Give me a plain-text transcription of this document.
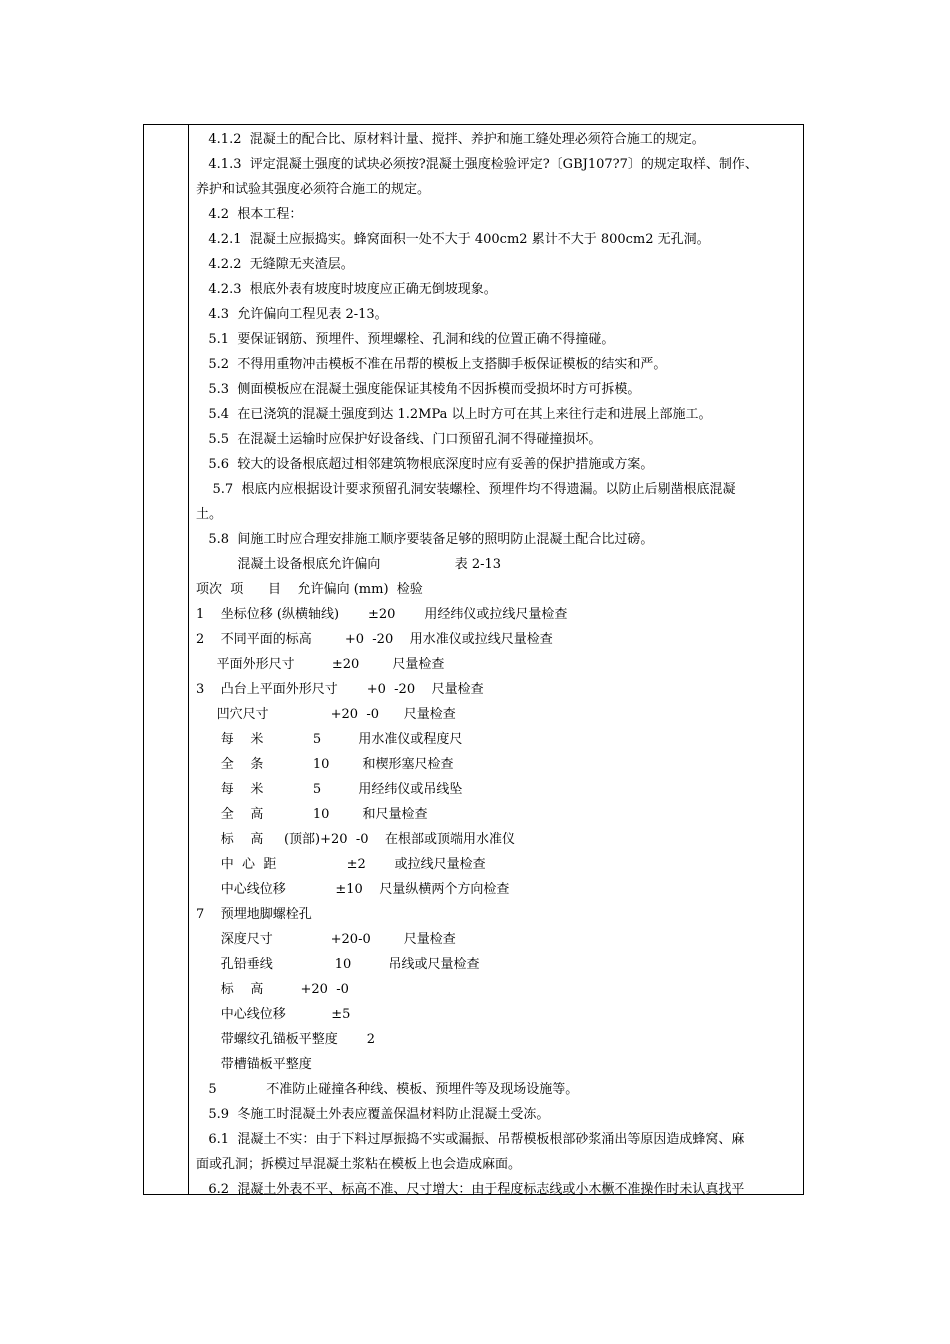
4.1.2  混凝土的配合比、原材料计量、搅拌、养护和施工缝处理必须符合施工的规定。
4.1.3  评定混凝土强度的试块必须按?混凝土强度检验评定?〔GBJ107?7〕的规定取样、制作、
养护和试验其强度必须符合施工的规定。
4.2  根本工程：
4.2.1  混凝土应振捣实。蜂窝面积一处不大于 400cm2 累计不大于 800cm2 无孔洞。
4.2.2  无缝隙无夹渣层。
4.2.3  根底外表有坡度时坡度应正确无倒坡现象。
4.3  允许偏向工程见表 2-13。
5.1  要保证钢筋、预埋件、预埋螺栓、孔洞和线的位置正确不得撞碰。
5.2  不得用重物冲击模板不准在吊帮的模板上支搭脚手板保证模板的结实和严。
5.3  侧面模板应在混凝土强度能保证其棱角不因拆模而受损坏时方可拆模。
5.4  在已浇筑的混凝土强度到达 1.2MPa 以上时方可在其上来往行走和进展上部施工。
5.5  在混凝土运输时应保护好设备线、门口预留孔洞不得碰撞损坏。
5.6  较大的设备根底超过相邻建筑物根底深度时应有妥善的保护措施或方案。
5.7  根底内应根据设计要求预留孔洞安装螺栓、预埋件均不得遗漏。以防止后剔凿根底混凝
土。
5.8  间施工时应合理安排施工顺序要装备足够的照明防止混凝土配合比过磅。
混凝土设备根底允许偏向                  表 2-13
项次  项      目    允许偏向 (mm)  检验
1    坐标位移 (纵横轴线)       ±20       用经纬仪或拉线尺量检查
2    不同平面的标高        +0  -20    用水准仪或拉线尺量检查
平面外形尺寸         ±20        尺量检查
3    凸台上平面外形尺寸       +0  -20    尺量检查
凹穴尺寸               +20  -0      尺量检查
每    米            5         用水准仪或程度尺
全    条            10        和楔形塞尺检查
每    米            5         用经纬仪或吊线坠
全    高            10        和尺量检查
标    高     (顶部)+20  -0    在根部或顶端用水准仪
中  心  距                 ±2       或拉线尺量检查
中心线位移            ±10    尺量纵横两个方向检查
7    预埋地脚螺栓孔
深度尺寸              +20-0        尺量检查
孔铅垂线               10         吊线或尺量检查
标    高         +20  -0
中心线位移           ±5
带螺纹孔锚板平整度       2
带槽锚板平整度
5            不准防止碰撞各种线、模板、预埋件等及现场设施等。
5.9  冬施工时混凝土外表应覆盖保温材料防止混凝土受冻。
6.1  混凝土不实：由于下料过厚振捣不实或漏振、吊帮模板根部砂浆涌出等原因造成蜂窝、麻
面或孔洞；拆模过早混凝土浆粘在模板上也会造成麻面。
6.2  混凝土外表不平、标高不准、尺寸增大：由于程度标志线或小木橛不准操作时未认真找平
